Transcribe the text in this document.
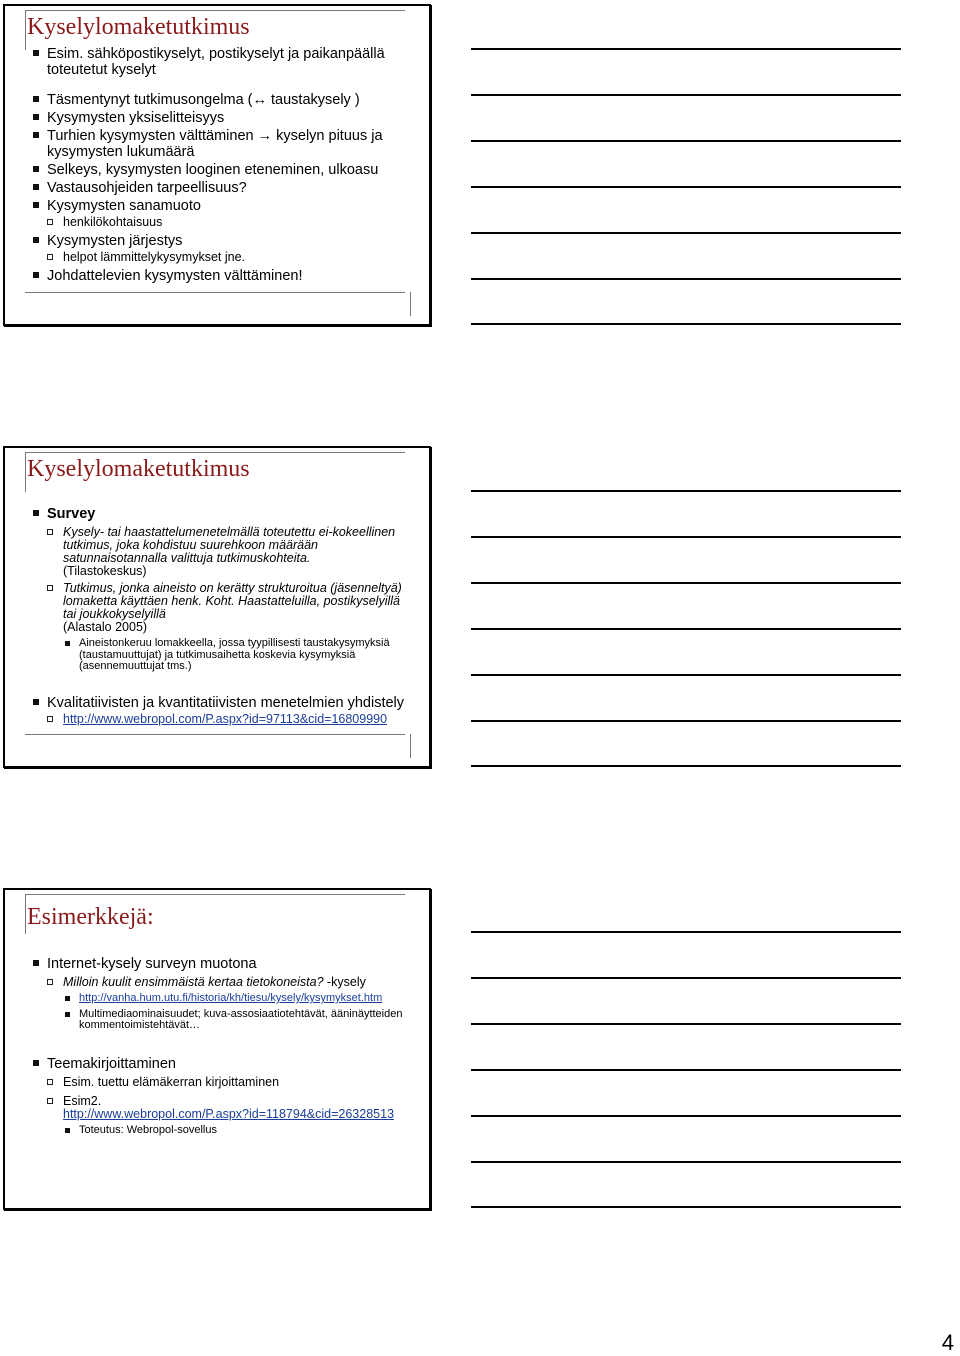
Kyselylomaketutkimus
Esim. sähköpostikyselyt, postikyselyt ja paikanpäällä toteutetut kyselyt
Täsmentynyt tutkimusongelma (↔ taustakysely )
Kysymysten yksiselitteisyys
Turhien kysymysten välttäminen → kyselyn pituus ja kysymysten lukumäärä
Selkeys, kysymysten looginen eteneminen, ulkoasu
Vastausohjeiden tarpeellisuus?
Kysymysten sanamuoto
henkilökohtaisuus
Kysymysten järjestys
helpot lämmittelykysymykset jne.
Johdattelevien kysymysten välttäminen!
Kyselylomaketutkimus
Survey
Kysely- tai haastattelumenetelmällä toteutettu ei-kokeellinen tutkimus, joka kohdistuu suurehkoon määrään satunnaisotannalla valittuja tutkimuskohteita.
(Tilastokeskus)
Tutkimus, jonka aineisto on kerätty strukturoitua (jäsenneltyä) lomaketta käyttäen henk. Koht. Haastatteluilla, postikyselyillä tai joukkokyselyillä
(Alastalo 2005)
Aineistonkeruu lomakkeella, jossa tyypillisesti taustakysymyksiä (taustamuuttujat) ja tutkimusaihetta koskevia kysymyksiä (asennemuuttujat tms.)
Kvalitatiivisten ja kvantitatiivisten menetelmien yhdistely
http://www.webropol.com/P.aspx?id=97113&cid=16809990
Esimerkkejä:
Internet-kysely surveyn muotona
Milloin kuulit ensimmäistä kertaa tietokoneista? -kysely
http://vanha.hum.utu.fi/historia/kh/tiesu/kysely/kysymykset.htm
Multimediaominaisuudet; kuva-assosiaatiotehtävät, ääninäytteiden kommentoimistehtävät…
Teemakirjoittaminen
Esim. tuettu elämäkerran kirjoittaminen
Esim2.
http://www.webropol.com/P.aspx?id=118794&cid=26328513
Toteutus: Webropol-sovellus
4
